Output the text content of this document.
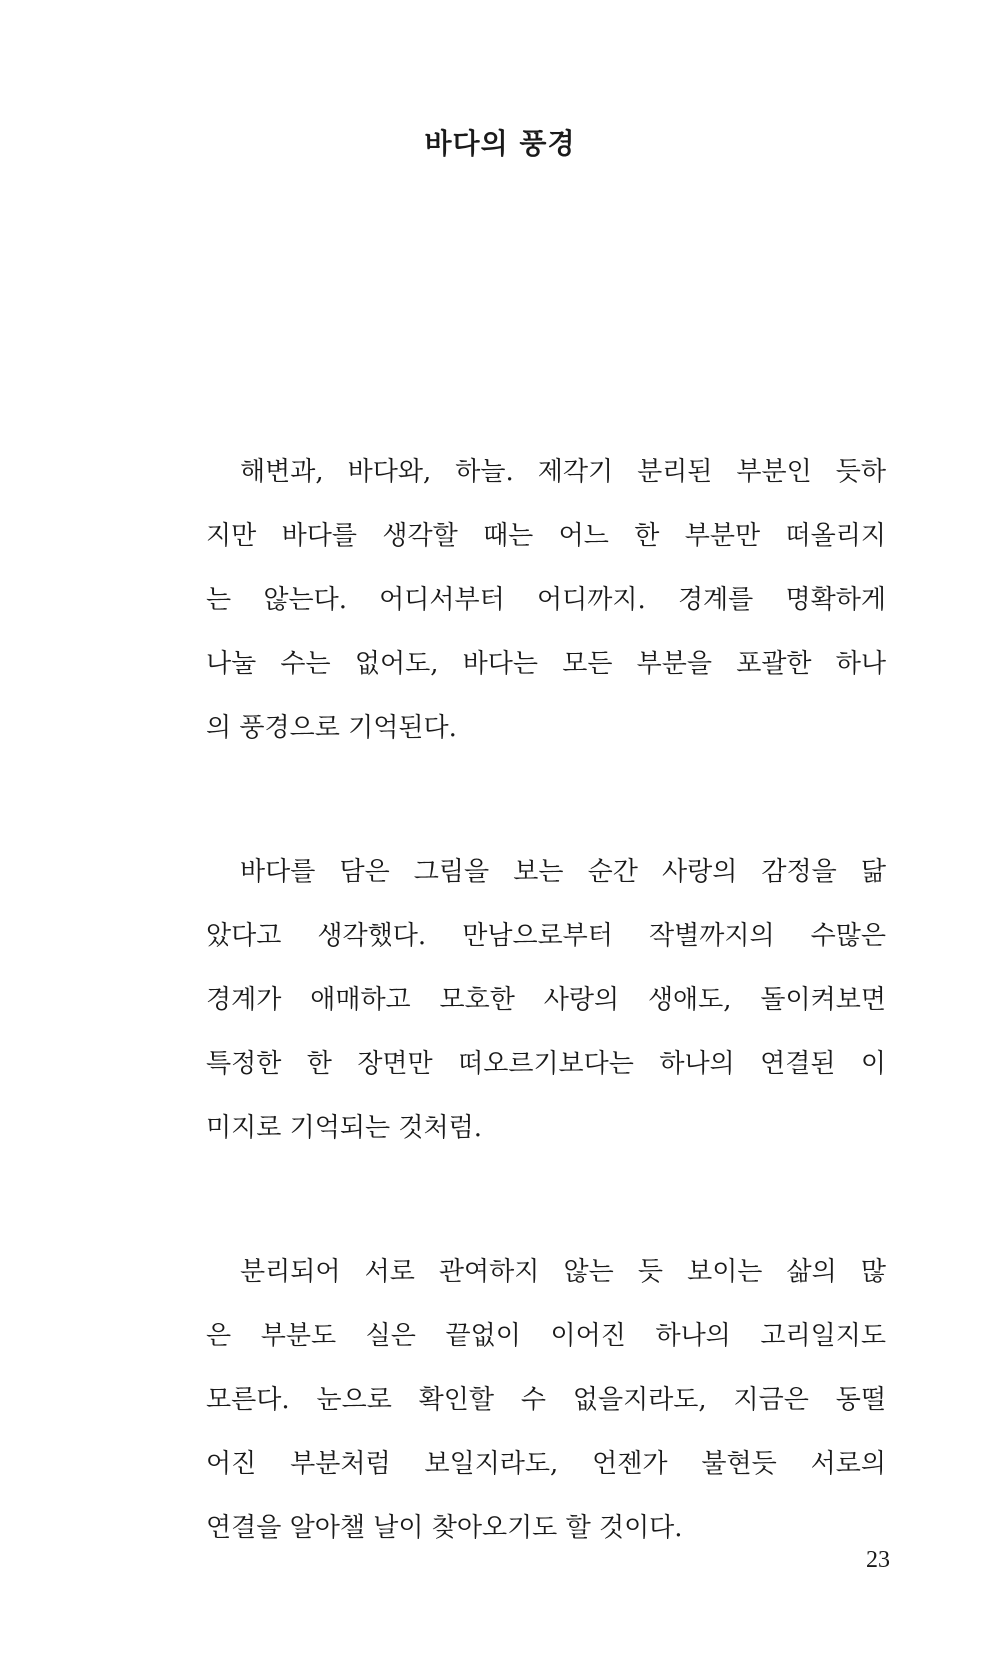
바다의 풍경
해변과, 바다와, 하늘. 제각기 분리된 부분인 듯하
지만 바다를 생각할 때는 어느 한 부분만 떠올리지
는 않는다. 어디서부터 어디까지. 경계를 명확하게
나눌 수는 없어도, 바다는 모든 부분을 포괄한 하나
의 풍경으로 기억된다.
바다를 담은 그림을 보는 순간 사랑의 감정을 닮
았다고 생각했다. 만남으로부터 작별까지의 수많은
경계가 애매하고 모호한 사랑의 생애도, 돌이켜보면
특정한 한 장면만 떠오르기보다는 하나의 연결된 이
미지로 기억되는 것처럼.
분리되어 서로 관여하지 않는 듯 보이는 삶의 많
은 부분도 실은 끝없이 이어진 하나의 고리일지도
모른다. 눈으로 확인할 수 없을지라도, 지금은 동떨
어진 부분처럼 보일지라도, 언젠가 불현듯 서로의
연결을 알아챌 날이 찾아오기도 할 것이다.
23
